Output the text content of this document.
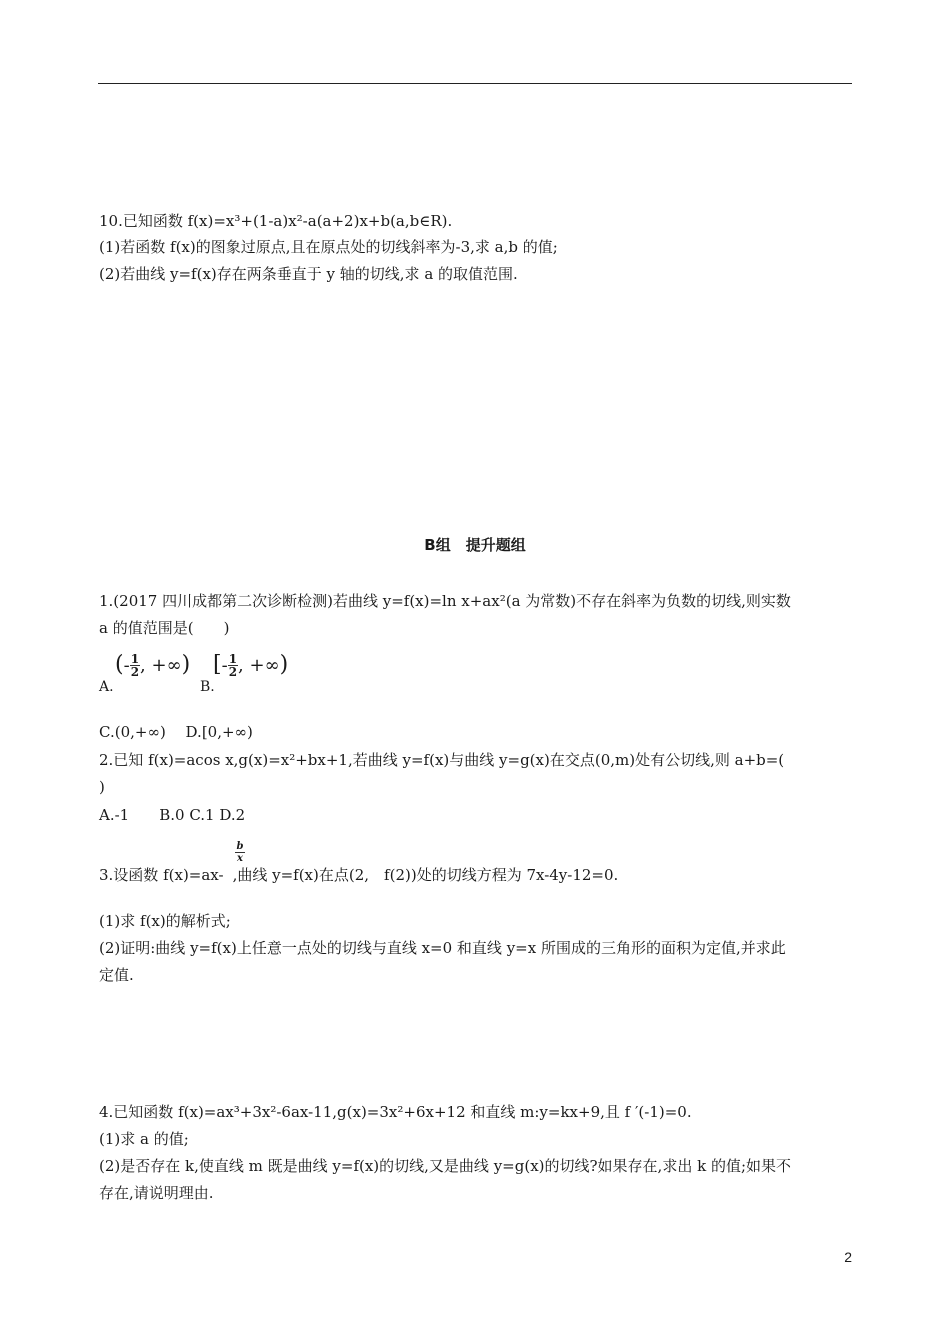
10.已知函数 f(x)=x³+(1-a)x²-a(a+2)x+b(a,b∈R).
(1)若函数 f(x)的图象过原点,且在原点处的切线斜率为-3,求 a,b 的值;
(2)若曲线 y=f(x)存在两条垂直于 y 轴的切线,求 a 的取值范围.
B组　提升题组
1.(2017 四川成都第二次诊断检测)若曲线 y=f(x)=ln x+ax²(a 为常数)不存在斜率为负数的切线,则实数
a 的值范围是(　　)
A.
(- $\frac{1}{2}$ , +∞)
B.
[- $\frac{1}{2}$ , +∞)
C.(0,+∞)　 D.[0,+∞)
2.已知 f(x)=acos x,g(x)=x²+bx+1,若曲线 y=f(x)与曲线 y=g(x)在交点(0,m)处有公切线,则 a+b=(
)
A.-1　　B.0 C.1 D.2
3.设函数 f(x)=ax- ,曲线 y=f(x)在点(2,　f(2))处的切线方程为 7x-4y-12=0.
$\frac{b}{x}$
(1)求 f(x)的解析式;
(2)证明:曲线 y=f(x)上任意一点处的切线与直线 x=0 和直线 y=x 所围成的三角形的面积为定值,并求此
定值.
4.已知函数 f(x)=ax³+3x²-6ax-11,g(x)=3x²+6x+12 和直线 m:y=kx+9,且 f ′(-1)=0.
(1)求 a 的值;
(2)是否存在 k,使直线 m 既是曲线 y=f(x)的切线,又是曲线 y=g(x)的切线?如果存在,求出 k 的值;如果不
存在,请说明理由.
2
